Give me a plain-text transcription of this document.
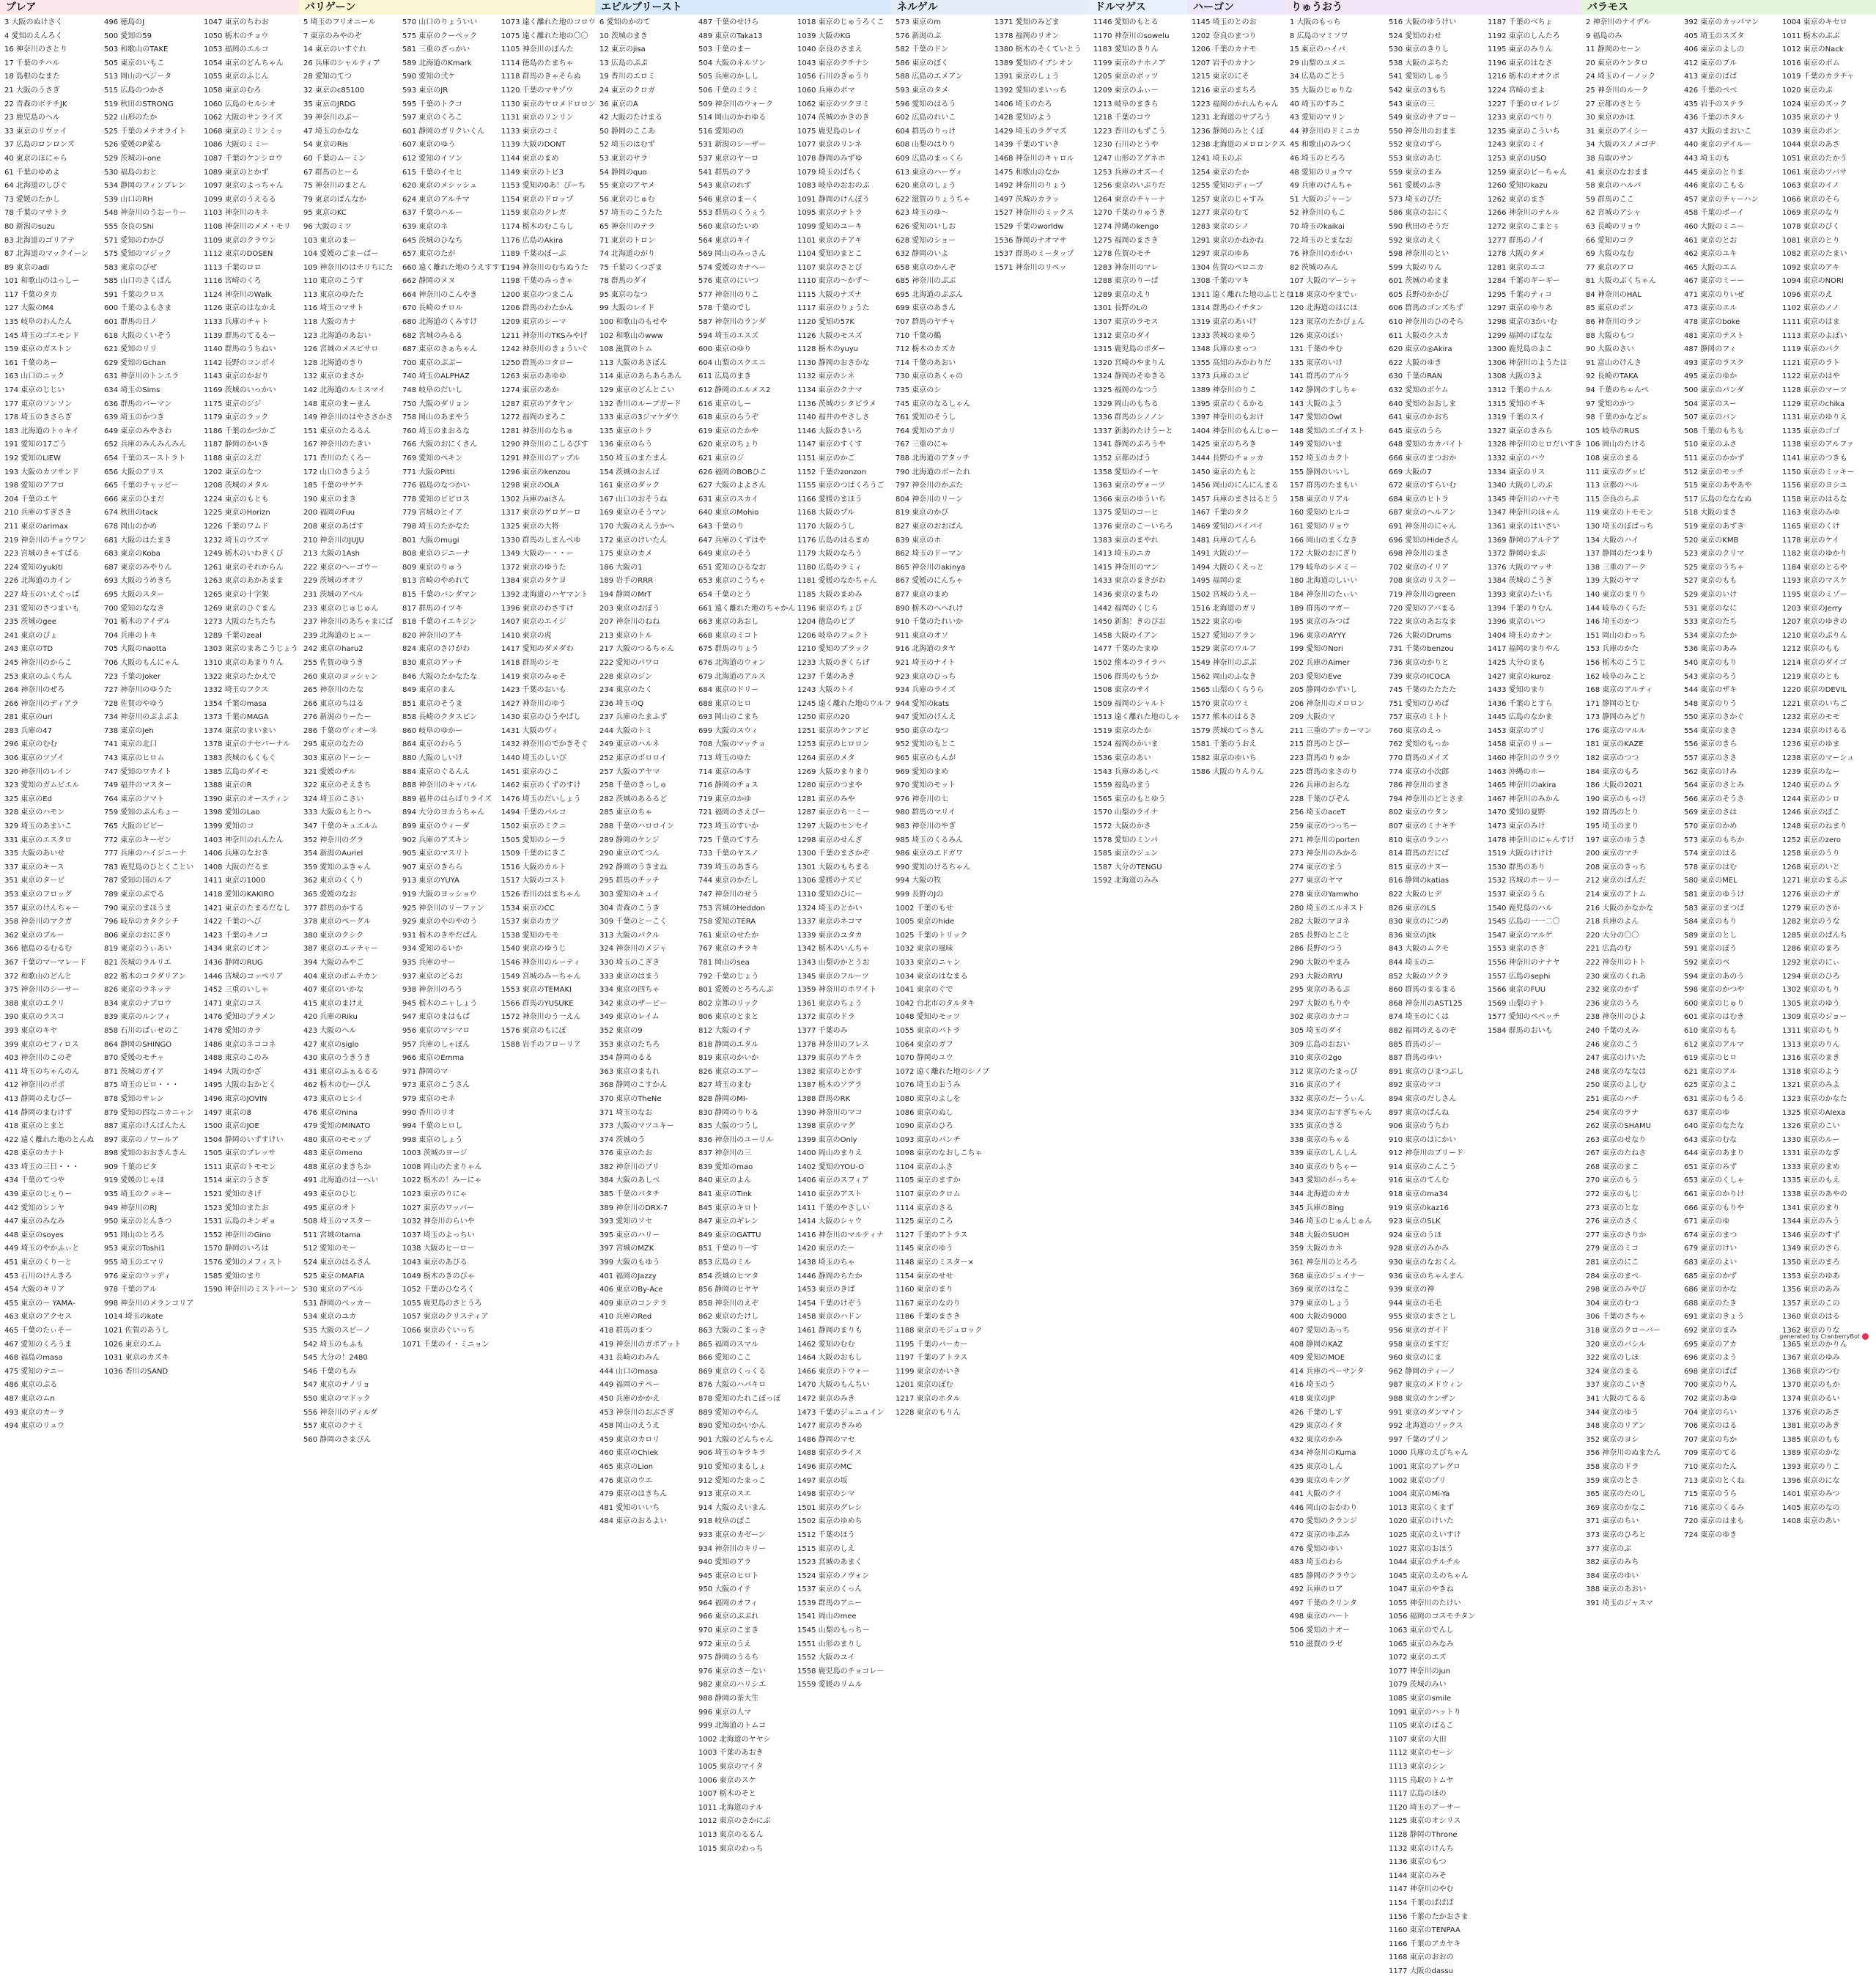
ブレア
3 大阪のぬけさく
4 愛知のえんろく
16 神奈川のさとり
17 千葉のチハル
18 島根のなまた
21 大阪のうさぎ
22 青森のボテチJK
23 鹿児島のヘル
33 東京のリヴァイ
37 広島のロンロンズ
40 東京のほにゃら
61 千葉のゆめよ
64 北海道のしびぐ
73 愛媛のたかし
78 千葉のマサトラ
80 新潟のsuzu
83 北海道のゴリアテ
87 北海道のマックイーン
89 東京のadi
101 和歌山のはっしー
117 千葉のタカ
127 大阪のM4
135 岐阜のわんたん
145 埼玉のゴエモンド
159 東京のガストン
161 千葉のあー
163 山口のニック
174 東京のじじい
177 東京のソンソン
178 埼玉のきさらぎ
183 北海道のトゥキイ
191 愛知の17ごう
192 愛知のLIEW
193 大阪のカツサンド
198 愛知のアフロ
204 千葉のエヤ
210 兵庫のすぎさき
211 東京のarimax
219 神奈川のチョウワン
223 宮城のきゃすぱる
224 愛知のyukiti
226 北海道のカイン
227 埼玉のいえぐっぱ
231 愛知のさつまいも
235 茨城のgee
241 東京のぴょ
243 東京のTD
245 神奈川のからこ
253 東京のふくちん
264 神奈川のぜろ
266 神奈川のディアラ
281 東京のuri
283 兵庫の47
296 東京のむむ
306 東京のツゾイ
320 神奈川のレイン
323 愛知のガムビエル
325 東京のEd
328 東京のハモン
329 埼玉のあまいこ
331 東京のエスタロ
335 大阪のあいせ
337 東京のキース
351 東京のタービ
353 東京のフロッグ
357 東京のけんちゃー
358 神奈川のマクガ
362 東京のブルー
366 徳島のるむるむ
367 千葉のマーマレード
372 和歌山のどんと
375 神奈川のシーサー
388 東京のエクリ
390 東京のラスコ
393 東京のキヤ
399 東京のセフィロス
403 神奈川のこのぞ
411 埼玉のちゃんのん
412 神奈川のポポ
413 静岡のえむぴー
414 静岡のまむけず
418 東京のとまと
422 遠く離れた地のとんぬ
428 東京のカナト
433 埼玉の三日・・・
434 千葉のてつや
439 東京のじぇりー
442 愛知のシンヤ
447 東京のみなみ
448 東京のsoyes
449 埼玉のやかふぃと
451 東京のくりーと
453 石川のけんきろ
454 大阪のキリア
455 東京のー YAMA-
463 東京のアクセス
465 千葉のたぃそー
467 愛知のくろうま
468 福島のmasa
475 愛知のテニー
486 東京のぷる
487 東京のムn
493 東京のカーラ
494 東京のリュウ
496 徳島のJ
500 愛知の59
503 和歌山のTAKE
505 東京のいもこ
513 岡山のペジータ
515 広島のつかさ
519 秋田のSTRONG
522 山形のたか
525 千葉のメテオライト
526 愛媛のP菜る
529 茨城のi-one
530 福島のおと
534 静岡のフィンブレン
539 山口のRH
548 神奈川のうおーりー
555 奈良のShi
571 愛知のわかび
575 愛知のマジック
583 東京のびぜ
585 山口のさくぱん
591 千葉のクロス
600 千葉のよもさま
601 群馬の日ノ
618 大阪のくいぞう
621 愛知のリリ
629 愛知のGchan
631 神奈川のトンエラ
634 埼玉のSims
636 群馬のバーマン
639 埼玉のかつき
649 東京のみやさわ
652 兵庫のみんみんみん
654 千葉のスーストラト
656 大阪のアリス
665 千葉のチャッピー
666 東京のひまだ
674 秋田のtack
678 岡山のかめ
681 大阪のはたまき
683 東京のKoba
687 東京のみやりん
693 大阪のうめきち
695 大阪のスター
700 愛知のななき
701 栃木のアイデル
704 兵庫のトキ
705 大阪のnaotta
706 大阪のもんにゃん
723 千葉のJoker
727 神奈川のゆうた
728 佐賀のやゆう
734 神奈川のぷよぷよ
738 東京のJeh
741 東京の北口
743 東京のヒロム
747 愛知のワカイト
749 福井のマスター
764 東京のツマト
759 愛知のぷんちょー
765 大阪のビビー
772 東京のキーゼン
777 兵庫のハイジニーナ
783 鹿児島のひとくことい
787 愛知の国のルア
789 東京のぶでる
790 東京のまほうま
796 岐阜のカタクシチ
806 東京のおにぎり
819 東京のうぃあい
821 茨城のラルリエ
822 栃木のコクダリアン
826 東京のラネッテ
834 東京のナブロウ
839 東京のルンフィ
858 石川のぱぃせのこ
864 静岡のSHINGO
870 愛媛のモチャ
871 茨城のガイア
875 埼玉のヒロ・・・
878 愛知のサレン
879 愛知の四なニカニャン
887 東京のけんばんたん
897 東京のノワールア
898 愛知のおおきんきん
909 千葉のビタ
919 愛媛のじゃほ
935 埼玉のクッキー
949 神奈川のRJ
950 東京のとんきつ
951 岡山のとろろ
953 東京のToshi1
955 埼玉のエマリ
976 東京のウッディ
978 千葉のアル
998 神奈川のメランコリア
1014 埼玉のkate
1021 佐賀のあうし
1026 東京のエム
1031 東京のカズキ
1036 香川のSAND
1047 東京のちわお
1050 栃木のチョウ
1053 福岡のエルコ
1054 東京のどんちゃん
1055 東京のふじん
1058 東京のむろ
1060 広島のセルシオ
1062 大阪のサンライズ
1068 東京のミリンミッ
1086 大阪のミミー
1087 千葉のケンシロウ
1089 東京のとかず
1097 東京のよっちゃん
1099 東京のうえるる
1103 神奈川のキネ
1108 神奈川のメメ・モリ
1109 東京のクラウン
1112 東京のDOSEN
1113 千葉のロロ
1116 宮崎のくろ
1124 神奈川のWalk
1126 東京のはなかえ
1133 兵庫のチャト
1139 群馬のてるるー
1140 群馬のうちねい
1142 長野のコンボイ
1143 東京のかおり
1169 茨城のいっかい
1175 東京のジジ
1179 東京のラック
1186 千葉のかづかご
1187 静岡のかいき
1188 東京のえだ
1202 東京のなつ
1208 茨城のメタル
1224 東京のもとも
1225 東京のHorizn
1226 千葉のワムド
1232 埼玉のウズマ
1249 栃木のいわきくび
1261 東京のそれからん
1263 東京のあかあまま
1265 東京の十字架
1269 東京のひぐまん
1273 大阪のたちたち
1289 千葉のzeal
1303 東京のまあこうじょう
1310 東京のあまりりん
1322 東京のたかえで
1332 埼玉のフクス
1354 千葉のmasa
1373 千葉のMAGA
1374 東京のまいまい
1378 東京のナセバーナル
1383 茨城のもくもく
1385 広島のダイモ
1388 東京のR
1390 東京のオースティン
1398 愛知のLao
1399 愛知のコ
1403 神奈川のれんたん
1406 兵庫のなおき
1408 大阪のだるま
1411 東京の1000
1418 愛知のKAKIRO
1421 東京のたまるだなし
1422 千葉のへび
1423 千葉のキノコ
1434 東京のピオン
1436 静岡のRUG
1446 宮城のコッペリア
1452 三重のいしゃ
1471 東京のコス
1476 愛知のプラメン
1478 愛知のカラ
1486 東京のネココネ
1488 東京のこのみ
1494 大阪のかざ
1495 大阪のおかとく
1496 東京のJOVIN
1497 東京の8
1500 東京のJOE
1504 静岡のいずすけい
1505 東京のプレッサ
1511 東京のトモモン
1514 東京のうさぎ
1521 愛知のさげ
1523 愛知のまたお
1531 広島のキンギョ
1552 神奈川のGino
1570 静岡のいろは
1576 愛知のメフィスト
1585 愛知のまり
1590 神奈川のミストバーン
バリゲーン
5 埼玉のフリオニール
7 東京のみやのぞ
14 東京のいすぐれ
26 兵庫のシャルティア
28 愛知のてつ
32 東京のc85100
35 東京のJRDG
39 神奈川のぶー
47 埼玉のかなな
54 東京のRis
60 千葉のムーミン
67 群馬のとーる
75 神奈川のまとん
79 東京のぱんなか
95 東京のKC
96 大阪のミツ
103 東京のまー
104 愛媛のごまーばー
109 神奈川のはチリちにた
110 東京のこうす
113 東京のゆたた
116 埼玉のマサト
118 大阪のカナ
123 北海道のあおい
126 宮城のメスピサロ
128 北海道のきり
132 東京のまさか
142 北海道のルミスマイ
148 東京のまーまん
149 神奈川のはやささかさ
151 東京のたるるん
167 神奈川のたきい
171 香川のたくろー
172 山口のきうよう
185 千葉のサゲチ
190 東京のまき
200 福岡のFuu
208 東京のあばす
210 神奈川のJUJU
213 大阪の1Ash
222 東京のへーゴウー
229 茨城のオオツ
231 茨城のアベル
233 東京のじゅじゅん
237 神奈川のあちゃまにぱ
239 北海道のヒュー
242 東京のharu2
255 佐賀のゆうき
260 東京のヨッシャン
265 神奈川のたな
266 東京のちはる
276 新潟のりーたー
286 千葉のヴィオーネ
295 東京のなたの
303 東京のドーシー
321 愛媛のチル
322 東京のそえきち
324 埼玉のこさい
333 大阪のもとりへ
347 千葉のキュエルム
352 神奈川のグラ
354 新潟のAuriel
359 愛知のふきゃん
362 東京のくくり
365 愛媛のなお
377 群馬のかする
378 東京のペーグル
380 東京のクシク
387 東京のエッチャー
394 大阪のみやご
404 東京のボムチカン
407 東京のいかな
415 東京のまけえ
420 兵庫のRiku
423 大阪のヘル
427 東京のsiglo
430 東京のうきうき
431 東京のふぁるるる
462 栃木のむーぴん
473 東京のヒシイ
476 東京のnina
479 愛知のMINATO
480 東京のモモップ
483 東京のmeno
488 東京のまきちか
491 北海道のはーへい
493 東京のひじ
495 東京のオト
508 埼玉のマスター
511 宮城のtama
512 愛知のモー
524 東京のはるさん
525 東京のMAFIA
530 東京のアベル
531 静岡のベッカー
534 東京のユカ
535 大阪のスピーノ
542 埼玉のもふも
545 大分の！2480
546 千葉のもみ
547 東京のナノリョ
550 東京のマドック
556 神奈川のディルダ
557 東京のクナミ
560 静岡のさまぴん
570 山口のりょういい
575 東京のクーペック
581 三重のざっかい
589 北海道のKmark
590 愛知の弐ケ
593 東京のJR
595 千葉のトクコ
597 東京のくろこ
601 静岡のガリクいくん
607 東京のゆう
612 愛知のイソン
615 千葉のイセヒ
620 東京のメシッシュ
624 東京のアルチマ
637 千葉のハルー
639 東京のネ
645 茨城のひなち
657 東京のたが
660 遠く離れた地のうえすすす
662 静岡のメヌ
664 神奈川のこんやき
670 長崎のチロル
680 北海道のくみすけ
682 宮城のみるる
687 東京のさぁちゃん
700 東京のぷぷー
740 埼玉のALPHAZ
748 岐阜のだいし
750 大阪のダリョン
758 岡山のあまやう
760 埼玉のまおるな
766 大阪のおにくさん
769 愛知のペキン
771 大阪のPitti
776 福島のなつかい
778 愛知のピピロス
779 宮城のとイア
798 埼玉のたかなた
801 大阪のmugi
808 東京のジニーナ
809 東京のりゅう
813 宮崎のやめれて
815 千葉のバンダマン
817 群馬のイツキ
818 千葉のイエキジン
820 神奈川のアキ
824 東京のさけがわ
830 東京のアッチ
846 大阪のたかなたな
849 東京のまん
851 東京のそうま
858 長崎のクタスピン
860 岐阜のゆかー
864 東京のわらう
880 大阪のしいけ
884 東京のぐるんん
888 神奈川のキャバル
889 福井のはらばりライズ
894 大分のヨカうちゃん
899 東京のウィーダ
902 兵庫のアズキン
905 東京のマスリト
907 東京のきらら
913 東京のYUYA
919 大阪のヨッショウ
925 神奈川のリーファン
929 東京のやのやのう
931 栃木のきやだぱん
934 愛知のるいか
935 兵庫のサー
937 東京のどるお
938 神奈川のろう
945 栃木のニャしょう
947 東京のまはもば
956 東京のマシマロ
957 兵庫のしゃぼん
966 東京のEmma
971 静岡のマ
973 東京のこうさん
979 東京のモネ
990 香川のリオ
994 千葉のヒロし
998 東京のしょう
1003 茨城のヨージ
1008 岡山のたまりゃん
1022 栃木の！みーにゃ
1023 東京のりにゃ
1027 東京のワッパー
1032 神奈川のらいや
1037 埼玉のよっちい
1038 大阪のヒーロー
1043 東京のあびる
1049 栃木のきのびゃ
1052 千葉のひなろく
1055 鹿児島のさとうろ
1057 東京のクリスティア
1066 東京のぐいっち
1071 千葉のイ・ミニョン
1073 遠く離れた地のコロウ
1075 遠く離れた地の〇〇
1105 神奈川のぽんた
1114 徳島のたまちゃ
1118 群馬のきゃそらぬ
1120 千葉のマサゾウ
1130 東京のヤロメドロロン
1131 東京のリンリン
1133 東京のコミ
1139 大阪のDONT
1144 東京のまめ
1149 東京のトビ3
1153 愛知の0あ！ぴーち
1154 東京のドロップ
1159 東京のクレガ
1174 栃木のむこらし
1176 広島のAkira
1189 千葉のぼーぶ
1194 神奈川のむちぬうた
1198 千葉のみっきゃ
1200 東京のつまこん
1206 群馬のわたかん
1209 東京のシーマ
1211 神奈川のTKSみやげ
1242 神奈川のきょういぐ
1250 群馬のコタロー
1263 東京のあゆゆ
1274 東京のあか
1287 東京のアタヤン
1272 福岡のまろこ
1281 神奈川のなちゅ
1290 神奈川のこしるびす
1291 神奈川のアップル
1296 東京のkenzou
1298 東京のOLA
1302 兵庫のaiさん
1317 東京のゲロゲーロ
1325 東京の大将
1330 群馬のしまんぺゆ
1349 大阪のー・・ー
1372 東京のゆうた
1384 東京のタケヨ
1392 北海道のハヤマント
1396 東京のわさすけ
1407 東京のエイジ
1410 東京の虎
1417 愛知のダメダわ
1418 群馬のシモ
1419 東京のみゅそ
1423 千葉のおいも
1427 神奈川のゆう
1430 東京のひうやばし
1431 大阪のヴィ
1432 神奈川のでかきそぐ
1440 埼玉のしいぴ
1451 東京のひこ
1462 東京のくずのすけ
1476 埼玉のだいしょう
1494 千葉のパルコ
1502 東京のミクニ
1505 愛知のシーラ
1509 千葉のにきこ
1516 大阪のカルト
1517 大阪のコスト
1526 香川のはまちゃん
1534 東京のCC
1537 東京のカツ
1538 愛知のモモ
1540 東京のゆうじ
1546 神奈川のルーティ
1549 宮城のみーちゃん
1553 東京のTEMAKI
1566 群馬のYUSUKE
1572 神奈川のう一えん
1576 東京のもにぽ
1588 岩手のフローリア
エピルブリースト
6 愛知のかのて
10 茨城のまき
12 東京のjisa
13 広島のぷぷ
19 香川のエロミ
24 東京のクロガ
36 東京のA
42 大阪のたけまる
50 静岡のここあ
52 埼玉のはむず
53 東京のサラ
54 静岡のquo
55 東京のアヤメ
56 東京のじゅむ
57 埼玉のこうたた
65 神奈川のテラ
71 東京のトロン
74 北海道のがり
75 千葉のくつざま
78 群馬のダイ
95 東京のなつ
99 大阪のレイド
100 和歌山のもせや
102 和歌山のwww
108 滋賀のトム
113 大阪のあさぼん
114 東京のあらあらあん
129 東京のどんとこい
132 香川のルーブガード
133 東京の3ジマケダウ
135 東京のトラ
136 東京のらう
150 埼玉のまたまん
154 茨城のおんば
161 東京のダック
167 山口のおそうね
169 東京のそうマン
170 大阪のえんうかへ
172 東京のけいたん
175 東京のカメ
186 大阪の1
189 岩手のRRR
194 静岡のMrT
203 東京のおぼう
207 神奈川のねね
213 東京のトル
217 大阪のつるちゃん
222 愛知のパワロ
228 東京のジン
234 東京のたく
236 埼玉のQ
237 兵庫のたまふず
244 大阪のトミ
249 東京のハルネ
252 東京のボロロイ
257 大阪のアヤマ
258 千葉のきっしゅ
282 茨城のあるるど
285 東京のちゃ
288 千葉のハロロイン
289 静岡のケンジ
290 東京のてつん
292 静岡のうきまね
295 群馬のチッチ
303 愛知のキュイ
304 青森のこうき
309 千葉のとーこく
313 大阪のパクル
324 神奈川のメジャ
330 埼玉のこぎき
333 東京のはまう
334 東京の四ちゃ
342 東京のザーピー
349 東京のレイム
352 東京の9
353 東京のたちろ
354 静岡のるる
363 東京のまもれ
368 静岡のこすかん
370 東京のTheNe
371 埼玉のなお
373 大阪のマツユキー
374 茨城のう
376 東京のたお
382 神奈川のプリ
384 大阪のあしぺ
385 千葉のバタチ
389 神奈川のDRX-7
393 愛知のソセ
395 東京のハリー
397 宮城のMZK
399 大阪のもゆう
401 福岡のJazzy
406 東京のBy-Ace
409 東京のコンテラ
410 兵庫のRed
418 群馬のまつ
419 神奈川のガポアット
431 長崎のわみん
444 山口のmasa
449 福岡のテペー
450 兵庫のかかえ
453 神奈川のおぶさぎ
458 岡山のえうえ
459 東京のカロリ
460 東京のChiek
465 東京のLion
476 東京のウエ
479 東京のはきちん
481 愛知のいいち
484 東京のおるよい
487 千葉のせけら
489 東京のTaka13
503 千葉のまー
504 大阪のネルソン
505 兵庫のかしし
506 千葉のミラミ
509 神奈川のウォーク
514 岡山のかわゆる
516 愛知のの
531 新潟のシーザー
537 東京のヤーロ
541 群馬のアラ
543 東京のれず
546 東京のまーく
553 群馬のくうぇう
560 東京のたいめ
564 東京のキイ
569 岡山のみっさん
574 愛媛のカナヘー
576 東京のにいつ
577 神奈川のりこ
578 千葉のでし
587 神奈川のランダ
594 埼玉のエスズ
600 東京のゆり
604 山梨のスクエニ
611 広島のまき
612 静岡のエルメス2
616 東京のしー
618 東京のらうぞ
619 東京のたかや
620 東京のちょり
621 東京のジ
626 福岡のBOBひこ
627 大阪のよよさん
631 東京のスカイ
640 東京のMohio
643 千葉のり
647 兵庫のくずはや
649 東京のそう
651 愛知のひるなお
653 東京のこうちゃ
654 千葉のとう
661 遠く離れた地のちゃかん
663 東京のあおし
668 東京のミコト
675 群馬のりょう
676 北海道のウォン
679 北海道のアルス
684 東京のドリー
688 東京のヒロ
693 岡山のこまち
699 大阪のスウィ
708 大阪のマッチョ
713 埼玉のゆた
714 東京のみす
716 静岡のチョス
719 東京のかゆ
721 福岡のさえぴー
723 埼玉のすいか
725 千葉のてすろ
733 千葉のヤスノ
739 埼玉のあきら
744 東京のかたし
747 神奈川のせう
753 宮城のHeddon
758 愛知のTERA
761 東京のせたか
767 東京のチラキ
781 岡山のsea
792 千葉のじょう
801 愛媛のとろろんぷ
802 京都のリック
806 東京のとまと
812 大阪のイテ
818 静岡のエタル
819 東京のかいか
826 東京のエアー
827 埼玉のまむ
828 静岡のMI-
830 静岡のりりる
835 大阪のつうし
836 神奈川のユーリル
837 神奈川の三
839 愛知のmao
840 東京のよん
841 東京のTink
845 東京のキロト
847 東京のギレン
849 東京のGATTU
851 千葉のりーす
853 広島のミル
854 茨城のヒマタ
856 静岡のヒヤヤ
858 神奈川のえぞ
862 東京のたけし
863 大阪のこまっき
865 福岡のスマル
866 愛知のここ
869 東京のくっくる
876 大阪のハパキロ
878 愛知のたれこぼっぽ
889 愛知のやらん
890 愛知のかいかん
901 大阪のどんちゃん
906 埼玉のキラキラ
910 愛知のまるしょ
912 愛知のたまっこ
913 東京のスエ
914 大阪のえいまん
918 岐阜のぽこ
933 東京のカゼーン
934 神奈川のキリー
940 愛知のアラ
945 東京のヒロト
950 大阪のイテ
964 福岡のオフィ
966 東京のぶぶれ
970 東京のこまき
972 東京のうえ
975 静岡のうるち
976 東京のさーない
982 東京のハリシエ
988 静岡の茶大生
996 東京の人マ
999 北海道のトムコ
1002 北海道のヤヤシ
1003 千葉のあおき
1005 東京のマイタ
1006 東京のスケ
1007 栃木のそと
1011 北海道のテル
1012 東京のさかにぶ
1013 東京のるるん
1015 東京のわっち
1018 東京のじゅうろくこ
1039 大阪のKG
1040 奈良のさまえ
1043 東京のクチナシ
1056 石川のきゅうり
1060 兵庫のポマ
1062 東京のツクヨミ
1074 茨城のかきのき
1075 鹿児島のレイ
1077 東京のリンネ
1078 静岡のみずゆ
1079 埼玉のぱちく
1083 岐阜のおおのぶ
1091 静岡のけんぼう
1095 東京のテトラ
1099 愛知のユーキ
1101 東京のチアキ
1104 愛知のまとこ
1107 東京のさとび
1110 東京の〜かず〜
1115 大阪のナズナ
1117 東京のりょうた
1120 愛知の57K
1126 大阪のモスズ
1128 栃木のyuyu
1130 静岡のおさかな
1132 東京のシネ
1134 東京のクナマ
1136 茨城のシタビラメ
1140 福井のやさしさ
1146 大阪のきいろ
1147 東京のすくす
1151 東京のかご
1152 千葉のzonzon
1155 東京のつばくろうご
1166 愛媛のまほう
1168 大阪のプル
1170 大阪のうし
1176 広島のはるまめ
1179 大阪のなろう
1180 広島のラミィ
1181 愛媛のなかちゃん
1185 大阪のまめみ
1196 東京のちょび
1204 徳島のピブ
1206 岐阜のフェクト
1210 愛知のブラック
1233 大阪のきくらげ
1237 千葉のあき
1243 大阪のトイ
1245 遠く離れた地のウルフ
1250 東京の20
1251 東京のケンアビ
1253 東京のヒロロン
1264 東京のメタ
1269 大阪のまりまり
1280 東京のつまや
1281 東京のみや
1287 東京のち一ミー
1297 大阪のセンセイ
1298 東京のせんざ
1300 千葉のまさかぞ
1301 大阪のもちまる
1306 愛媛のナズビ
1310 愛知のひにー
1324 埼玉のとかい
1337 東京のネコマ
1339 東京のユタカ
1342 栃木のいんちゃ
1343 山梨のかとうお
1345 東京のフルーツ
1359 神奈川のホワイト
1361 東京のちょう
1372 東京のドラ
1377 千葉のみ
1378 神奈川のフレス
1379 東京のアキラ
1382 東京のとかす
1387 栃木のソアラ
1388 群馬のRK
1390 神奈川のマコ
1398 東京のマグ
1399 東京のOnly
1400 岡山のまりえ
1402 愛知のYOU-O
1406 東京のスフィア
1410 東京のアスト
1411 千葉のやさしい
1414 大阪のシャウ
1416 神奈川のマルティナ
1420 東京のたー
1438 埼玉のちゃ
1446 静岡のちたか
1453 東京のきぱ
1454 千葉のけぞう
1458 東京のハドン
1461 静岡のまりも
1462 愛知のむむ
1464 大阪のおもし
1466 東京のトウォー
1470 大阪のもんちい
1472 東京のみき
1473 千葉のジェニュイン
1477 東京のきみめ
1486 静岡のマセ
1488 東京のライス
1496 東京のMC
1497 東京の坂
1498 東京のシマ
1501 東京のグレシ
1502 東京のゆめち
1512 千葉のほう
1515 東京のしえ
1523 宮城のあまく
1524 東京のノヴォン
1537 東京のくっん
1539 群馬のアニー
1541 岡山のmee
1545 山梨のもっちー
1551 山形のまりし
1552 大阪のユイ
1558 鹿児島のチョコレー
1559 愛媛のリムル
ネルゲル
573 東京のm
576 新潟のぷ
582 千葉のドン
586 東京のぼく
588 広島のエメアン
593 東京のタメ
596 愛知のはるう
602 広島のれいこ
604 群馬のりっけ
608 山梨のはりり
609 広島のまっくら
613 東京のハーヴィ
620 東京のしょう
622 滋賀のりょうちゃ
623 埼玉のゆ〜
626 愛知のいしお
628 愛知のショー
632 静岡のいよ
658 東京のかんぞ
685 神奈川のぷぶ
695 北海道のぷぷん
699 東京のあきん
707 群馬のヤチャ
710 千葉の鶴
712 栃木のカズカ
714 千葉のあおい
730 東京のあくゃの
735 東京のシ
745 東京のなるしゃん
761 愛知のそうし
764 愛知のアカリ
767 三重のにゃ
788 北海道のアタッチ
790 北海道のボーたれ
797 神奈川のかぶた
804 神奈川のリーン
819 東京のかび
827 東京のおおばん
839 東京のホ
862 埼玉のドーマン
865 神奈川のakinya
867 愛媛のにんちゃ
877 東京のまめ
890 栃木のへへれけ
910 千葉のたれいか
911 東京のオソ
916 北海道のタヤ
921 埼玉のナイト
923 東京のひっち
934 兵庫のライズ
944 愛知のkats
947 愛知のけんえ
950 東京のなつ
952 愛知のもとこ
965 東京のもんが
969 愛知のまめ
970 愛知のモット
976 神奈川の七
980 群馬のマリイ
983 神奈川のやぎ
985 埼玉のくるみん
986 東京のエドガワ
990 愛知のけるちゃん
994 大阪の牧
999 長野のJの
1002 千葉のもせ
1005 東京のhide
1025 千葉のトリック
1032 東京の風味
1033 東京のニャン
1034 東京のはなまる
1041 東京のぐで
1042 台北市のタルタキ
1048 愛知のモッツ
1055 東京のパトラ
1064 東京のガフ
1070 静岡のユウ
1072 遠く離れた地のシノブ
1076 埼玉のおうみ
1080 東京のよしを
1086 東京のぬし
1090 東京のひろ
1093 東京のパンチ
1098 東京のなおしこちゃ
1104 東京のふさ
1105 東京のますか
1107 東京のクロム
1114 東京のさる
1125 東京のころ
1127 千葉のアトラス
1145 東京のゆう
1148 東京のミスター×
1154 東京のせせ
1160 東京のまり
1167 東京のなのり
1186 千葉のまさき
1188 東京のモジュロック
1195 千葉のパーカー
1197 千葉のアトラス
1199 東京のかいき
1201 東京のぽむ
1217 東京のホタル
1228 東京のもりん
1371 愛知のみどま
1378 福岡のリオン
1380 栃木のそくていとう
1389 愛知のイプシオン
1391 東京のしょう
1392 愛知のまいっち
1406 埼玉のたろ
1428 愛知のよう
1429 埼玉のラグマズ
1439 千葉のすいき
1468 神奈川のキャロル
1475 和歌山のなか
1492 神奈川のりょう
1497 茨城のカラッ
1527 神奈川のミックス
1529 千葉のworldw
1536 静岡のナオマサ
1537 群馬のミータップ
1571 神奈川のリペッ
ドルマゲス
1146 愛知のもとる
1170 神奈川のsowelu
1183 愛知のきりん
1199 東京のナホノア
1205 東京のボッツ
1209 東京のふぃー
1213 岐阜のまきら
1218 千葉のコウ
1223 香川のもずこう
1230 石川のとうや
1247 山形のアグネホ
1253 兵庫のオズーイ
1256 東京のいぶりだ
1264 東京のチャーナ
1270 千葉のりゅうき
1274 沖縄のkengo
1275 福岡のまさき
1278 佐賀のモチ
1283 神奈川のマレ
1288 東京のりーぱ
1289 東京のえり
1301 長野のLの
1307 東京のラモス
1312 東京のダイ
1315 鹿児島のポダー
1320 宮崎のやまりん
1324 静岡のそゆきる
1325 福岡のなつう
1329 岡山のもちる
1336 群馬のシノノン
1337 新潟のたけうーと
1341 静岡のぷろうや
1352 京都のばう
1358 愛知のイーヤ
1363 東京のヴォーツ
1366 東京のゆういち
1375 愛知のコーヒ
1376 東京のこーいちろ
1383 東京のまやれ
1413 埼玉のニカ
1415 神奈川のマン
1433 東京のまきがわ
1436 東京のまちの
1442 福岡のくじら
1450 新潟！きのぴお
1458 大阪のイアン
1477 千葉のたまゆ
1502 熊本のライラハ
1506 群馬のもうか
1508 東京のサイ
1509 福岡のシャルト
1513 遠く離れた地のしゃ
1519 東京のたか
1524 福岡のかいま
1536 東京のあい
1543 兵庫のあしべ
1559 福島のまう
1565 東京のもとゆう
1570 山梨のライナ
1572 大阪のかさ
1578 愛知のミンパ
1585 東京のジュン
1587 大分のTENGU
1592 北海道のみみ
ハーゴン
1145 埼玉のとのお
1202 奈良のまつり
1206 千葉のカナモ
1207 岩手のカナン
1215 東京のにそ
1216 東京のまちろ
1223 福岡のかれんちゃん
1231 北海道のサブろう
1236 静岡のみとくぼ
1238 北海道のメロロンクス
1241 埼玉のぶ
1254 東京のたか
1255 愛知のディープ
1257 東京のじゃすみ
1277 東京のむて
1283 東京のシノ
1291 東京のかねかね
1297 東京のゆあ
1304 佐賀のペロニカ
1308 千葉のマキ
1311 遠く離れた地のふじとむ
1314 群馬のイチタン
1319 東京のあいけ
1333 茨城のまゆう
1348 兵庫のまっつ
1355 高知のみかわりだ
1373 兵庫のユピ
1389 神奈川のりこ
1395 東京のくるかる
1397 神奈川のもおけ
1404 神奈川のもんじゅー
1425 東京のちろき
1444 長野のチョッカ
1450 東京のたもと
1456 岡山のにんにんまる
1457 兵庫のまさはるとう
1467 千葉のタク
1469 愛知のパイパイ
1481 兵庫のてんら
1491 大阪のソー
1494 大阪のくえっと
1495 福岡のま
1502 宮城のうえー
1516 北海道のガリ
1522 東京のゆ
1527 愛知のアラン
1529 東京のウルフ
1549 神奈川のぷぷ
1562 岡山のふなき
1565 山梨のくらうら
1570 東京のウミ
1577 熊本のはるさ
1579 茨城のてっきん
1581 千葉のうおえ
1582 東京のゆいち
1586 大阪のりんりん
りゅうおう
1 大阪のもっち
8 広島のマミソワ
15 東京のハイパ
29 山梨のユメニ
34 広島のごとう
35 大阪のじゅりな
40 埼玉のすみこ
43 愛知のマリン
44 神奈川のドミニカ
45 和歌山のみつく
46 埼玉のとろろ
48 愛知のリョウマ
49 兵庫のけんちゃ
51 大阪のジャーン
52 神奈川のもこ
70 埼玉のkaikai
72 埼玉のとまなお
76 神奈川のかかい
82 茨城のみん
107 大阪のマーシャ
118 東京のやまでぃ
120 北海道のはにほ
123 東京のたかぴょん
126 東京のぽい
131 千葉のやむ
135 東京のいけ
141 群馬のアルラ
142 静岡のすしちゃ
143 大阪のよう
147 愛知のOwl
148 愛知のエゴイスト
149 愛知のいま
152 埼玉のカクト
155 静岡のいいし
157 群馬のたまもい
158 東京のリアル
160 愛知のヒルコ
161 愛知のリョウ
166 岡山のまくなき
172 大阪のおにぎり
179 岐阜のシメミー
180 北海道のしいい
184 神奈川のたぃい
189 群馬のマガー
195 東京のみつば
196 東京のAYYY
199 愛知のNori
202 兵庫のAimer
203 愛知のEve
205 静岡のかずいし
206 神奈川のメロロン
209 大阪のマ
211 三重のアッカーマン
215 群馬のとぴー
223 群馬のりゅか
225 群馬のまさのり
226 兵庫のおらな
228 千葉のびぞん
256 埼玉のaceT
259 東京のつっちー
271 神奈川のporten
273 神奈川のみかる
274 東京のまう
277 東京のヤマ
278 東京のYamwho
280 埼玉のエルネスト
282 大阪のマヨネ
285 長野のとこと
286 長野のつう
290 大阪のやまみ
293 大阪のRYU
295 東京のあるぷ
297 大阪のもりや
302 東京のカナコ
305 埼玉のダイ
309 広島のおおい
310 東京の2go
312 東京のたまっぴ
316 東京のアイ
332 東京のだーうぃん
334 東京のおすぎちゃん
335 東京のきる
338 東京のちゃる
339 東京のしんしん
340 東京のりちゃー
343 愛知のがっちゃ
344 北海道のカカ
345 兵庫の8ing
346 埼玉のじゅんじゅん
348 大阪のSUOH
359 大阪のカネ
361 神奈川のとろろ
368 東京のジェイナー
369 東京のはなこ
379 東京のしょう
400 大阪の9000
407 愛知のあっち
408 静岡のKAZ
409 愛知のMOE
414 兵庫のペーサンタ
416 埼玉のう
418 東京のJP
426 千葉のしす
429 東京のイタ
432 東京のかみ
434 神奈川のKuma
435 東京のしん
439 東京のキング
441 大阪のクイ
446 岡山のおかわり
470 愛知のクランジ
472 東京のゆぷみ
476 愛知のゆい
483 埼玉のわら
485 静岡のクラウン
492 兵庫のロア
497 千葉のクリンタ
498 東京のハート
506 愛知のナオー
510 滋賀のラゼ
516 大阪のゆうけい
524 愛知のわせ
530 東京のきりし
538 大阪のぷちた
541 愛知のしゅう
542 東京の3もち
543 東京の三
549 東京のサブロー
550 神奈川のおまま
552 東京のずら
553 東京のあじ
559 東京のまみ
561 愛媛のふき
573 埼玉のぴた
586 東京のおにく
590 秋田のそうだ
592 東京のえく
598 神奈川のとい
599 大阪のりん
601 茨城のめまま
605 長野のかかび
606 群馬のゴンズちず
610 神奈川のひのそら
611 大阪のクスカ
620 東京の◎Akira
622 大阪のゆき
630 千葉のRAN
632 愛知のボケム
640 愛知のおおしま
641 東京のかおち
645 東京のうら
648 愛知のカカバイト
666 東京のまつおか
669 大阪の7
672 東京のすらいむ
684 東京のヒトラ
687 東京のヘルアン
691 神奈川のにゃん
696 愛知のHideさん
698 神奈川のまさ
702 東京のイリア
708 東京のリスクー
719 神奈川のgreen
720 愛知のアバまる
722 東京のあおなま
726 大阪のDrums
731 千葉のbenzou
736 東京のかりと
739 東京のICOCA
745 千葉のたたたた
751 愛知のひめぱ
757 東京のミトト
760 東京のえっ
762 愛知のもっか
770 群馬のメイズ
774 東京の小次郎
786 神奈川のまさ
794 神奈川のどとさま
802 東京のウタン
807 東京のミナキチ
810 東京のランハ
814 群馬のだにば
815 東京のナヌー
816 静岡のkatias
822 大阪のヒデ
826 東京のLS
830 東京のにつめ
836 東京のjtk
843 大阪のムクモ
844 埼玉のニ
852 大阪のソクラ
860 群馬のまるまる
868 神奈川のAST125
874 埼玉のにくは
882 福岡のえるのぞ
885 群馬のジー
887 群馬のゆい
891 東京のひまつぶし
892 東京のマコ
894 東京のだしさん
897 東京のぱんね
906 東京のうちわ
910 東京のはにかい
912 神奈川のブリード
914 東京のこんこう
916 東京のてんむ
918 東京のma34
919 東京のkaz16
923 東京のSLK
924 東京のうほ
928 東京のみかみ
930 東京のなおくん
936 東京のちゃんまん
939 東京の神
944 東京の毛毛
955 東京のまさとし
956 東京のガイド
958 東京のますだ
960 東京のにま
962 静岡のティーノ
987 東京のメドウィン
988 東京のケンザン
991 東京のダンマイン
992 北海道のソックス
997 千葉のプリン
1000 兵庫のえびちゃん
1001 東京のアレグロ
1002 東京のプリ
1004 東京のMi-Ya
1013 東京のくまず
1020 東京のけいた
1025 東京のえいすけ
1027 東京のおほう
1044 東京のチルチル
1045 東京のえのちゃん
1047 東京のやきね
1055 神奈川のたけい
1056 福岡のコスモチタン
1063 東京のでんし
1065 東京のみなみ
1072 東京のエズ
1077 神奈川のjun
1079 茨城のみい
1085 東京のsmile
1091 東京のハットり
1105 東京のばるこ
1107 東京の大田
1112 東京のセーシ
1113 東京のシン
1115 鳥取のトムヤ
1117 広島のほの
1120 埼玉のアーサー
1125 東京のオシリス
1128 静岡のThrone
1132 東京のけんち
1136 東京のもつ
1144 東京のみそ
1147 神奈川のやむ
1154 千葉のぱぱぱ
1156 千葉のたかおさま
1160 東京のTENPAA
1166 千葉のアカヤキ
1168 東京のおおの
1177 大阪のdassu
1187 千葉のべちょ
1192 東京のしんたろ
1195 東京のみりん
1196 東京のはなさ
1216 栃木のオオクボ
1224 宮崎のまよ
1227 千葉のロイレジ
1233 東京のべりり
1235 東京のこういち
1243 東京のミイ
1253 東京のUSO
1259 東京のビーちゃん
1260 愛知のkazu
1262 東京のまさ
1266 神奈川のテルル
1272 東京のこまとぅ
1277 群馬のノイ
1278 大阪のタメ
1281 東京のエコ
1284 千葉のギーギー
1295 千葉のティコ
1297 東京のゆりあ
1298 東京の3かいむ
1299 福岡のばなな
1300 鹿児島のよこ
1306 神奈川のようたは
1308 大阪の3よ
1312 千葉のナムル
1315 愛知のチキ
1319 千葉のスイ
1327 東京のきみら
1328 神奈川のヒロだいすき
1332 東京のハウ
1334 東京のリス
1340 大阪のしのぶ
1345 神奈川のハナモ
1347 神奈川のほゃん
1361 東京のはいさい
1369 静岡のアルテア
1372 静岡のまぶ
1376 大阪のマッサ
1384 茨城のこうき
1393 東京のたいち
1394 千葉のりむん
1396 東京のいつ
1404 埼玉のカナン
1417 福岡のまりやん
1425 大分のまも
1427 東京のkuroz
1433 愛知のまり
1436 千葉のとすら
1445 広島のなかま
1453 東京のアリ
1458 東京のリュー
1460 神奈川のウラウ
1463 沖縄のホー
1465 神奈川のakira
1467 神奈川のみかん
1470 愛知の夏野
1473 東京のみけ
1478 神奈川のにゃんすけ
1519 大阪のけけけ
1530 群馬のあり
1532 宮城のホーリー
1537 東京のうら
1540 鹿児島のハル
1545 広島の一一二〇
1547 東京のマルゲ
1553 東京のさき
1556 神奈川のナナヤ
1557 広島のsephi
1566 東京のFUU
1569 山梨のテト
1577 愛知のペペッチ
1584 群馬のおいも
バラモス
2 神奈川のナイデル
9 福島のみ
11 静岡のセーン
20 東京のケンタロ
24 埼玉のイーノック
25 神奈川のルーク
27 京都のさとう
30 東京のかは
31 東京のアイシー
34 大阪のスノメゴヂ
38 鳥取のサン
41 東京のなおまま
58 東京のハルパ
59 群馬のここ
62 宮城のアシャ
63 長崎のリョウ
66 愛知のコク
69 大阪のなむ
77 東京のアロ
81 大阪のぶくちゃん
84 神奈川のHAL
85 東京のポン
86 神奈川のラン
88 大阪のもつ
90 大阪のさい
91 富山のけんさ
92 長崎のTAKA
94 千葉のちゃんぺ
97 愛知のかつ
98 千葉のかなどぉ
105 岐阜のRUS
106 岡山のたける
108 東京のまる
111 東京のグッピ
113 京都のハル
115 奈良のらぶ
119 東京のトモモン
130 埼玉のぼぱっち
134 大阪のハイ
137 静岡のだつまり
138 三重のアーク
139 大阪のヤマ
140 東京のまりり
144 岐阜のくらた
146 埼玉のかつ
151 岡山のわっち
153 兵庫のかた
156 栃木のこうじ
162 岐阜のみこと
168 東京のアルティ
171 静岡のとむ
173 静岡のみどり
176 東京のマルル
181 東京のKAZE
182 東京のつつ
184 東京のもろ
186 大阪の2021
190 東京のもっけ
192 群馬のとり
195 埼玉のまり
197 東京のゆうき
200 東京のマチ
208 東京のきっち
212 東京のぱんだ
214 東京のアトム
216 大阪のかなかな
218 兵庫のよん
220 大分の〇〇
221 広島のむ
222 神奈川のトト
230 東京のくれあ
232 東京のかず
236 東京のうろ
238 神奈川のひよ
240 千葉のえみ
246 東京のこう
247 東京のけいた
248 東京のななは
250 東京のよしむ
251 東京のハチ
254 東京のラナ
262 東京のSHAMU
263 東京のせなり
267 東京のたねさ
268 東京のまこ
270 東京のもう
272 東京のもじ
273 東京のとな
276 東京のさく
277 東京のさりか
279 東京のミコ
281 東京のにこ
284 東京のまぺ
298 東京のみやび
304 東京のむつ
306 千葉のさちゃ
318 東京のクローバー
320 東京のバシル
322 東京のしほ
324 東京のまる
337 東京のこいき
341 大阪のてるる
344 東京のゆう
348 東京のリアン
352 東京のヨシ
356 神奈川のぬまたん
358 東京のドラ
359 東京のとさ
365 東京のたのし
369 東京のかなこ
371 東京のちい
373 東京のひろと
377 東京のぶ
382 東京のみち
384 東京のゆい
388 東京のあおい
391 埼玉のジャスマ
392 東京のカッパマン
405 埼玉のスズタ
406 東京のよしの
412 東京のブル
413 東京のばば
426 千葉のぺぺ
435 岩手のステラ
436 千葉のホタル
437 大阪のまおいこ
440 東京のデイルー
443 埼玉のも
445 東京のとりま
446 東京のこもる
457 東京のチャーハン
458 千葉のボーイ
460 大阪のミニー
461 東京のとお
462 東京のユキ
465 大阪のエム
467 東京のミーー
471 東京のりいぜ
473 東京のエル
478 東京のboke
481 東京のテスト
487 静岡のフィ
493 東京のラスク
495 東京のゆか
500 東京のパンダ
504 東京のスー
507 東京のバン
508 千葉のもちも
510 東京のふさ
511 東京のかかず
512 東京のモッチ
515 東京のあやあや
517 広島のなななぬ
518 大阪のまさ
519 東京のあずき
520 東京のKMB
523 東京のクリマ
525 東京のうちゃ
527 東京のもも
529 東京のいけ
531 東京のなに
533 東京のたち
534 東京のたか
536 東京のあみ
540 東京のもり
543 東京のろう
544 東京のザキ
548 東京のりう
550 東京のさかぐ
554 東京のまさ
556 東京のきら
557 東京のささ
562 東京のけみ
564 東京のさとみ
566 東京のそうさ
569 東京のさは
570 東京のかめ
573 東京のもちか
574 東京のはる
578 東京のはむ
580 東京のMEL
581 東京のゆうけ
583 東京のまつば
584 東京のもり
589 東京のとし
591 東京のぼう
592 東京のペ
594 東京のあのう
598 東京のかつや
600 東京のじゅり
601 東京のはむき
610 東京のもも
612 東京のアルマ
619 東京のヒロ
621 東京のアル
625 東京のよこ
631 東京のもうる
637 東京のゆ
640 東京のなたな
643 東京のむな
644 東京のあまり
651 東京のみず
653 東京のくしゃ
661 東京のかりけ
666 東京のもりや
671 東京のゆ
674 東京のまつ
679 東京のけい
683 東京のよい
685 東京のかず
686 東京のかな
688 東京のたき
691 東京のきょう
692 東京のまみ
695 東京のアカ
696 東京のよう
698 東京のぱぱ
700 東京のりん
702 東京のあゆ
704 東京のらい
706 東京のはる
707 東京のちか
709 東京のてる
710 東京のたん
713 東京のとくね
715 東京のうら
716 東京のくるみ
720 東京のはまも
724 東京のゆき
1004 東京のキセロ
1011 栃木のぶぶ
1012 東京のNack
1016 東京のポム
1019 千葉のカラチャ
1020 東京のぷ
1024 東京のズック
1035 東京のナリ
1039 東京のポン
1044 東京のあさ
1051 東京のたかう
1061 東京のツバサ
1063 東京のイノ
1066 東京のそら
1069 東京のなり
1078 東京のびく
1081 東京のとり
1082 東京のたまい
1092 東京のアキ
1094 東京のNORI
1096 東京のえ
1102 東京のノノ
1111 東京のはま
1113 東京のよぽい
1119 東京のパク
1121 東京のラト
1122 東京のはや
1128 東京のマーツ
1129 東京のchika
1131 東京のゆりえ
1135 東京のゴゴ
1138 東京のアルファ
1141 東京のつきも
1150 東京のミッキー
1156 東京のヨシユ
1158 東京のはるな
1163 東京のみゆ
1165 東京のくけ
1178 東京のケイ
1182 東京のゆかり
1184 東京のとるや
1193 東京のマスケ
1195 東京のミゾー
1203 東京のJerry
1207 東京のゆきの
1210 東京のぷりん
1212 東京のもも
1214 東京のダイゴ
1219 東京のとも
1220 東京のDEVIL
1221 東京のいちご
1232 東京のモモ
1234 東京のけるる
1236 東京のゆま
1238 東京のマーシュ
1239 東京のなー
1240 東京のムラ
1244 東京のシロ
1246 東京のぽこ
1248 東京のねまり
1252 東京のzero
1258 東京のうり
1268 東京のいと
1271 東京のまるぶ
1276 東京のナガ
1279 東京のさか
1282 東京のうな
1285 東京のぱんち
1286 東京のまろ
1292 東京のにぃ
1294 東京のひろ
1302 東京のもり
1305 東京のゆう
1309 東京のジョー
1311 東京のもり
1313 東京のりん
1316 東京のまき
1318 東京のよう
1321 東京のみよ
1323 東京のかなた
1325 東京のAlexa
1326 東京のこい
1330 東京のルー
1331 東京のなぎ
1333 東京のまめ
1335 東京のもえ
1338 東京のあやの
1341 東京のまり
1344 東京のみう
1346 東京のすず
1349 東京のさら
1350 東京のまろ
1353 東京のゆあ
1356 東京のあみ
1357 東京のこの
1360 東京のはる
1362 東京のりな
1365 東京のかりん
1367 東京のゆみ
1368 東京のつむ
1370 東京のもか
1374 東京のるい
1376 東京のあさ
1381 東京のあき
1385 東京のもも
1389 東京のかな
1393 東京のりこ
1396 東京のにな
1401 東京のみつ
1405 東京のなの
1408 東京のあい
generated by CranberryBot
